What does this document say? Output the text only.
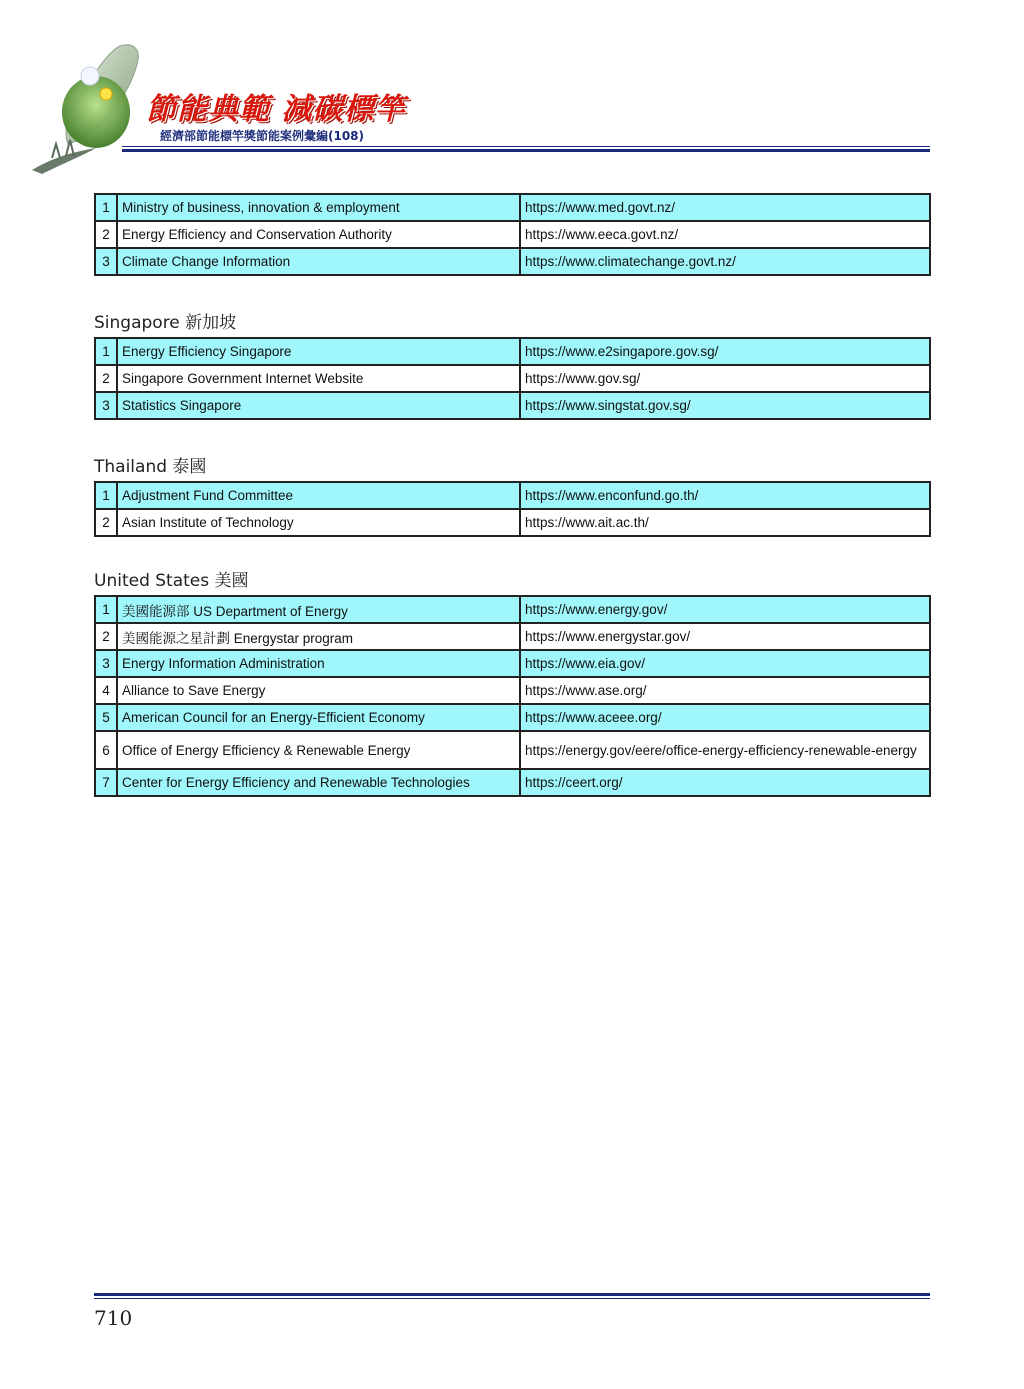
節能典範 減碳標竿
經濟部節能標竿獎節能案例彙編(108)
1	Ministry of business, innovation & employment	https://www.med.govt.nz/
2	Energy Efficiency and Conservation Authority	https://www.eeca.govt.nz/
3	Climate Change Information	https://www.climatechange.govt.nz/
Singapore 新加坡
1	Energy Efficiency Singapore	https://www.e2singapore.gov.sg/
2	Singapore Government Internet Website	https://www.gov.sg/
3	Statistics Singapore	https://www.singstat.gov.sg/
Thailand 泰國
1	Adjustment Fund Committee	https://www.enconfund.go.th/
2	Asian Institute of Technology	https://www.ait.ac.th/
United States 美國
1	美國能源部 US Department of Energy	https://www.energy.gov/
2	美國能源之星計劃 Energystar program	https://www.energystar.gov/
3	Energy Information Administration	https://www.eia.gov/
4	Alliance to Save Energy	https://www.ase.org/
5	American Council for an Energy-Efficient Economy	https://www.aceee.org/
6	Office of Energy Efficiency & Renewable Energy	https://energy.gov/eere/office-energy-efficiency-renewable-energy
7	Center for Energy Efficiency and Renewable Technologies	https://ceert.org/
710
